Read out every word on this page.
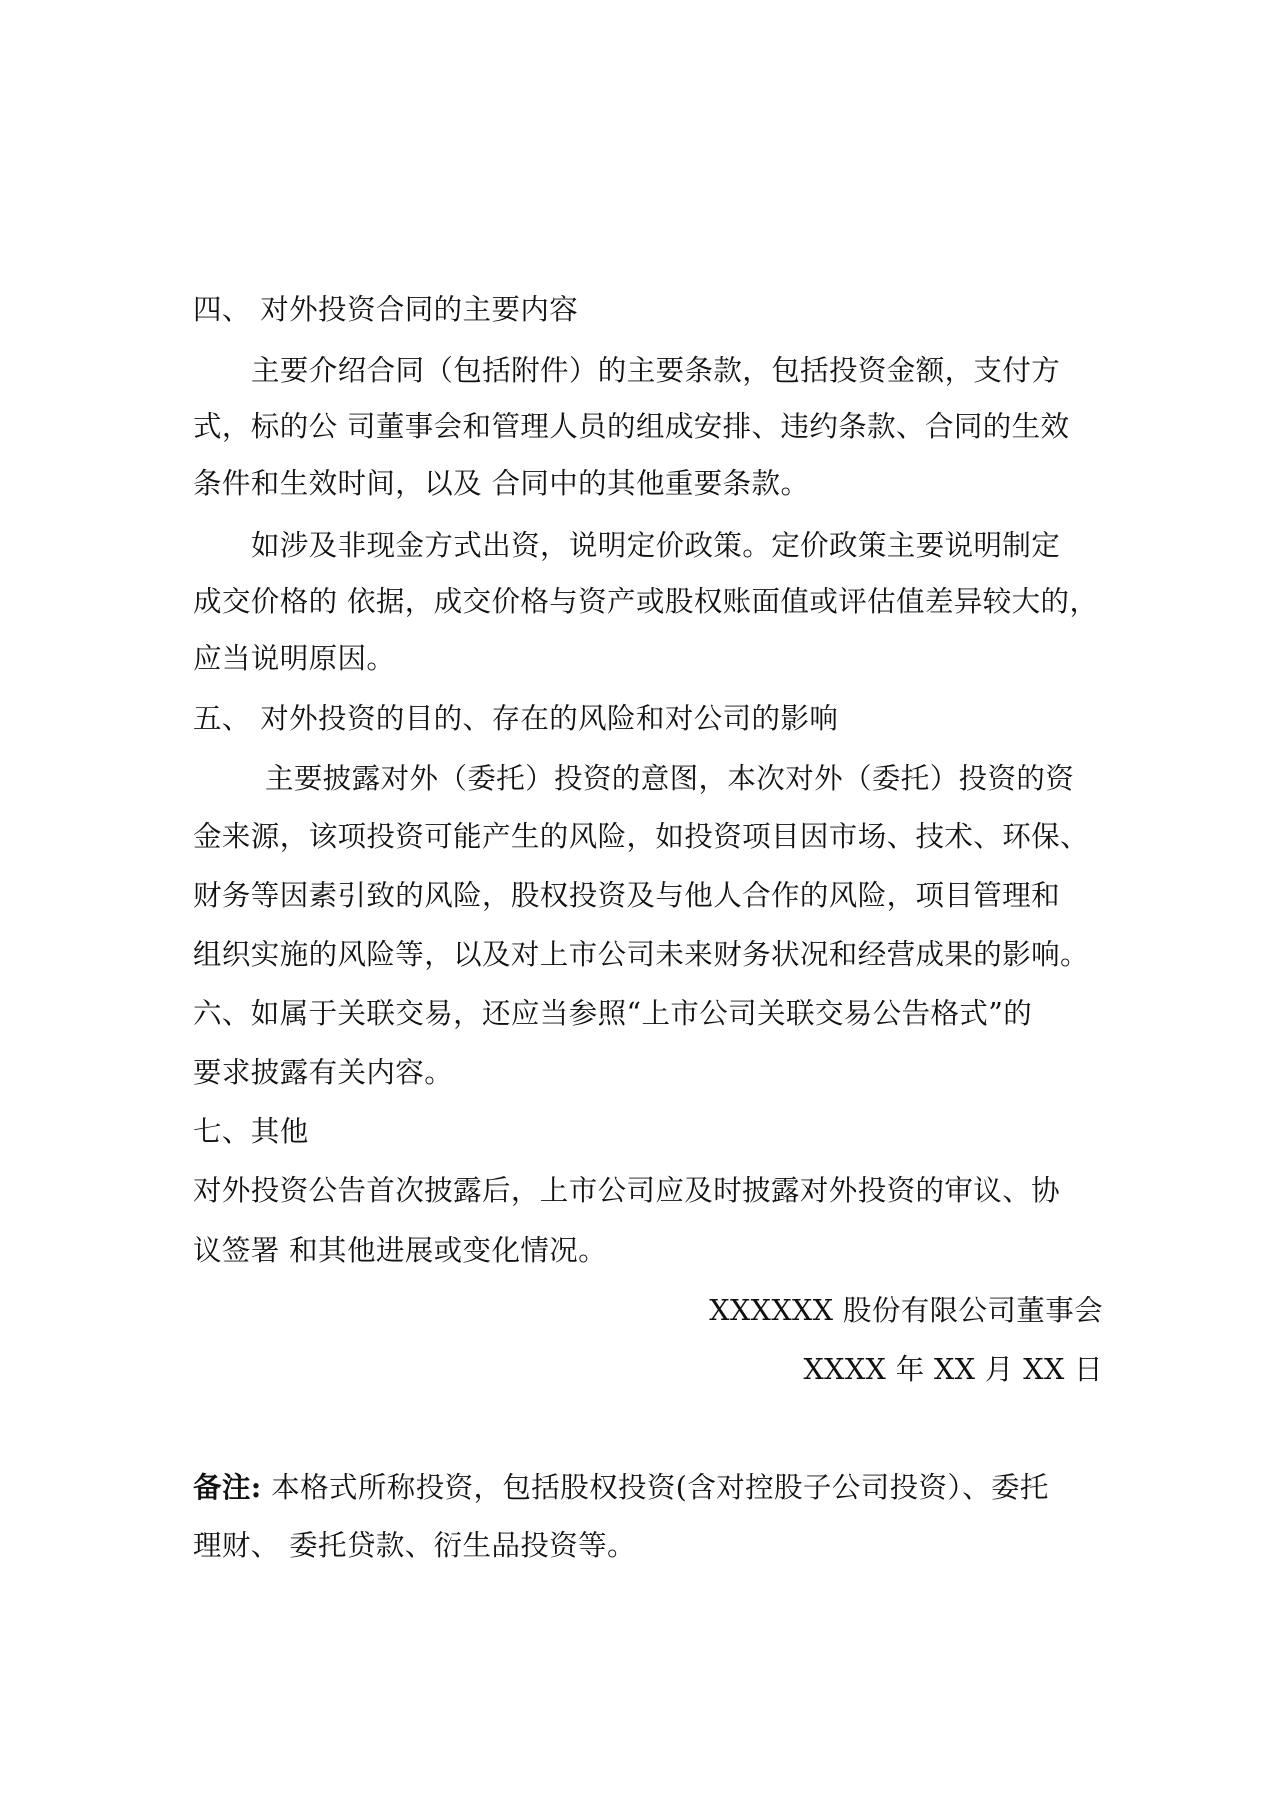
四、 对外投资合同的主要内容
主要介绍合同（包括附件）的主要条款，包括投资金额，支付方
式，标的公 司董事会和管理人员的组成安排、违约条款、合同的生效
条件和生效时间，以及 合同中的其他重要条款。
如涉及非现金方式出资，说明定价政策。定价政策主要说明制定
成交价格的 依据，成交价格与资产或股权账面值或评估值差异较大的，
应当说明原因。
五、 对外投资的目的、存在的风险和对公司的影响
主要披露对外（委托）投资的意图，本次对外（委托）投资的资
金来源，该项投资可能产生的风险，如投资项目因市场、技术、环保、
财务等因素引致的风险，股权投资及与他人合作的风险，项目管理和
组织实施的风险等，以及对上市公司未来财务状况和经营成果的影响。
六、如属于关联交易，还应当参照“上市公司关联交易公告格式”的
要求披露有关内容。
七、其他
对外投资公告首次披露后，上市公司应及时披露对外投资的审议、协
议签署 和其他进展或变化情况。
XXXXXX 股份有限公司董事会
XXXX 年 XX 月 XX 日
备注: 本格式所称投资，包括股权投资(含对控股子公司投资）、委托
理财、 委托贷款、衍生品投资等。
